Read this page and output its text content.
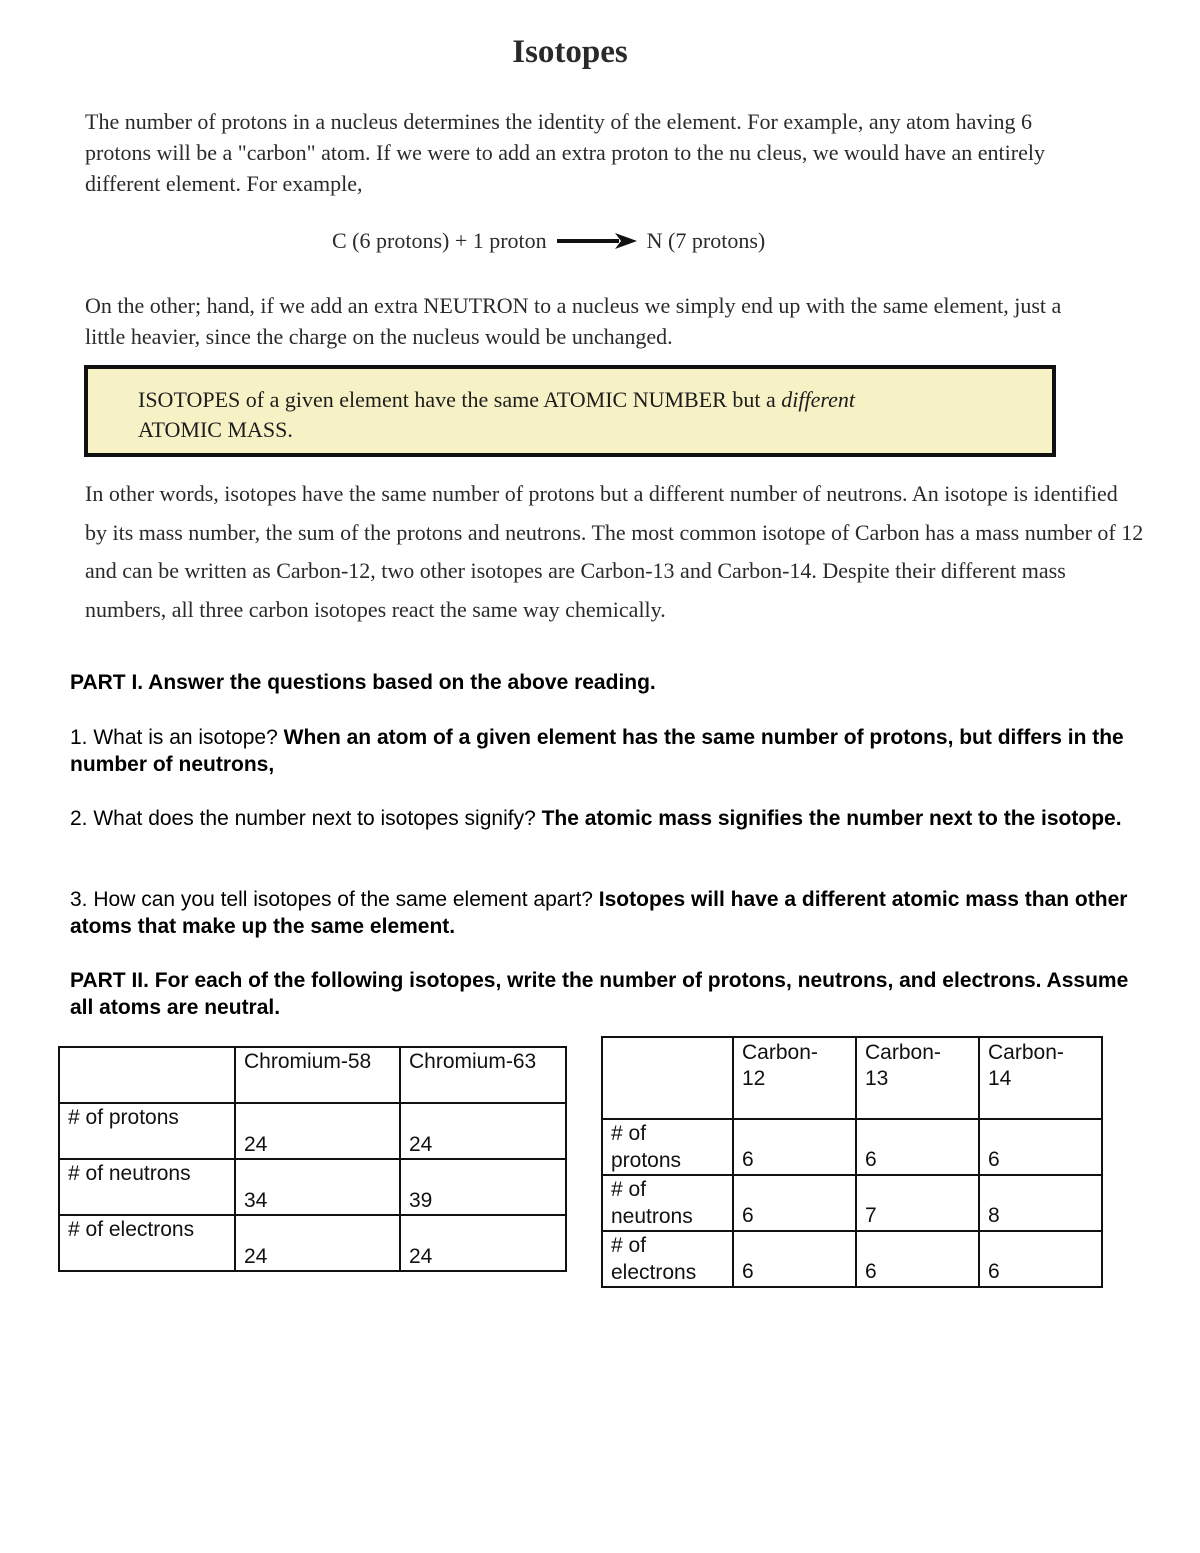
Isotopes
The number of protons in a nucleus determines the identity of the element. For example, any atom having 6 protons will be a "carbon" atom. If we were to add an extra proton to the nu cleus, we would have an entirely different element. For example,
C (6 protons) + 1 proton	N (7 protons)
On the other; hand, if we add an extra NEUTRON to a nucleus we simply end up with the same element, just a little heavier, since the charge on the nucleus would be unchanged.
ISOTOPES of a given element have the same ATOMIC NUMBER but a different
ATOMIC MASS.
In other words, isotopes have the same number of protons but a different number of neutrons. An isotope is identified by its mass number, the sum of the protons and neutrons. The most common isotope of Carbon has a mass number of 12 and can be written as Carbon-12, two other isotopes are Carbon-13 and Carbon-14. Despite their different mass numbers, all three carbon isotopes react the same way chemically.
PART I. Answer the questions based on the above reading.
1. What is an isotope? When an atom of a given element has the same number of protons, but differs in the number of neutrons,
2. What does the number next to isotopes signify? The atomic mass signifies the number next to the isotope.
3. How can you tell isotopes of the same element apart? Isotopes will have a different atomic mass than other atoms that make up the same element.
PART II. For each of the following isotopes, write the number of protons, neutrons, and electrons. Assume all atoms are neutral.

	Chromium-58	Chromium-63

# of protons	24	24

# of neutrons	34	39

# of electrons	24	24
	Carbon-
12	Carbon-
13	Carbon-
14
# of
protons	6	6	6
# of
neutrons	6	7	8
# of
electrons	6	6	6
